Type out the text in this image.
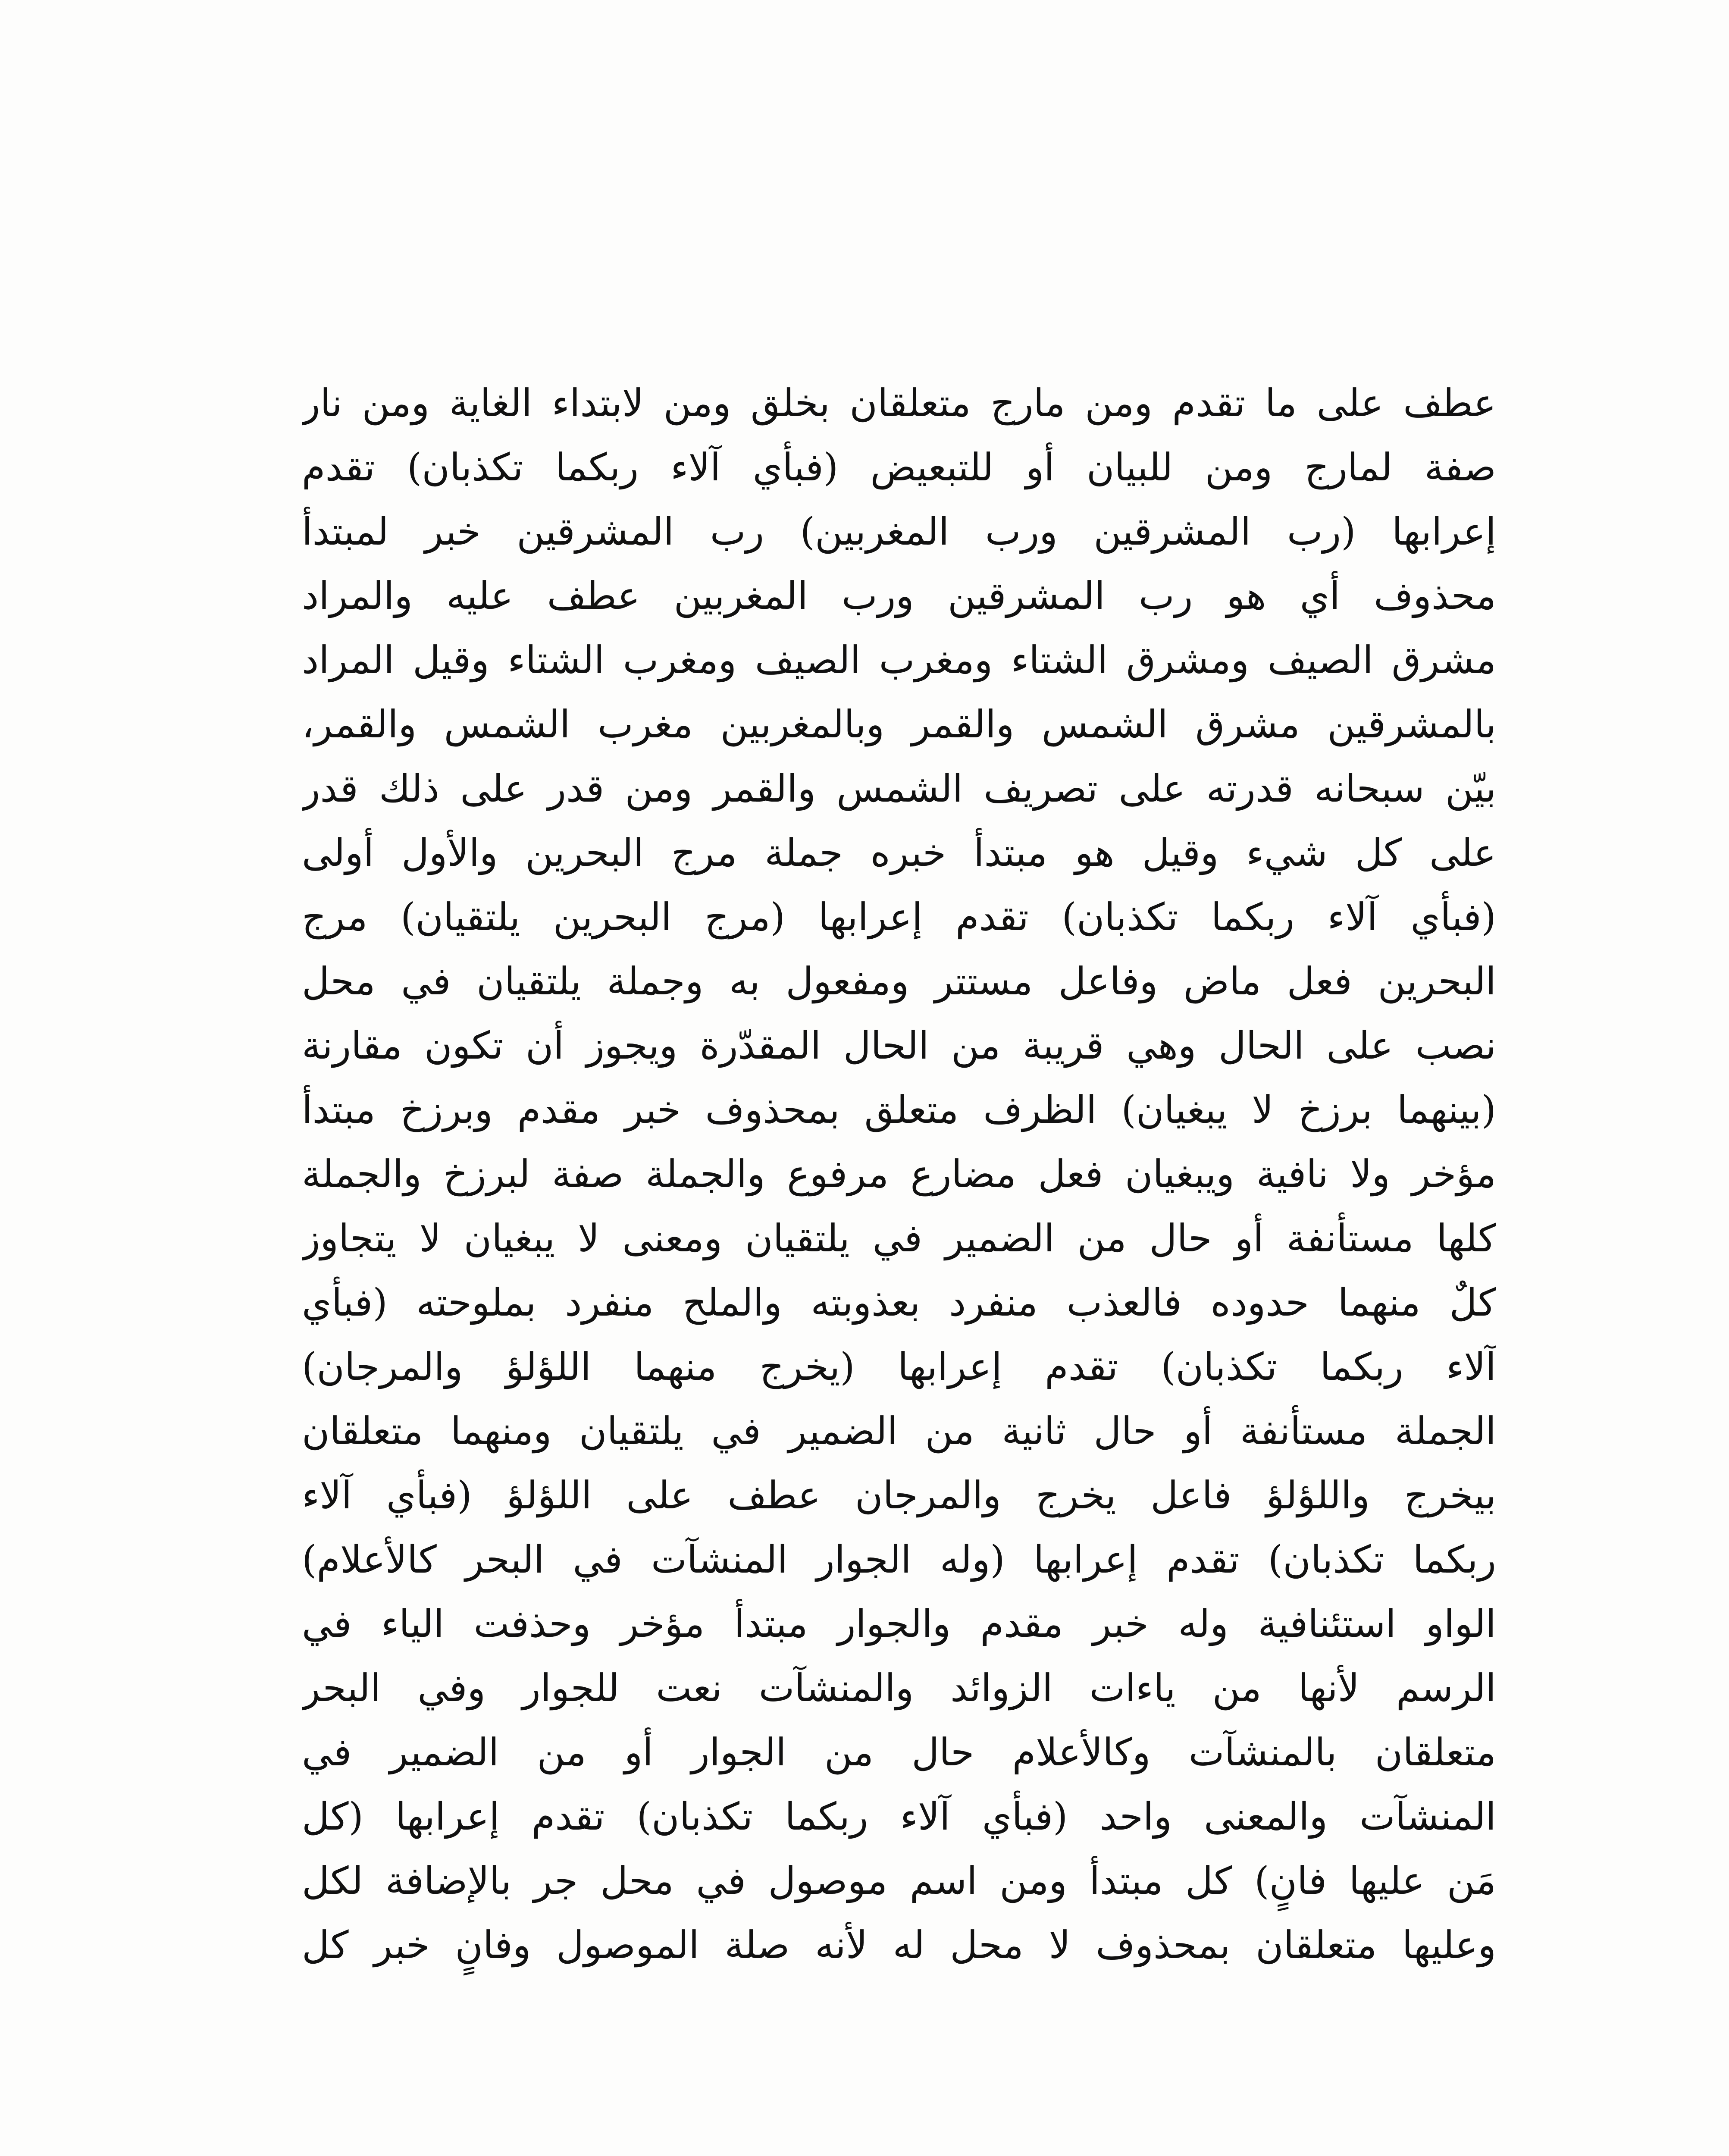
عطف على ما تقدم ومن مارج متعلقان بخلق ومن لابتداء الغاية ومن نار
صفة لمارج ومن للبيان أو للتبعيض (فبأي آلاء ربكما تكذبان) تقدم
إعرابها (رب المشرقين ورب المغربين) رب المشرقين خبر لمبتدأ
محذوف أي هو رب المشرقين ورب المغربين عطف عليه والمراد
مشرق الصيف ومشرق الشتاء ومغرب الصيف ومغرب الشتاء وقيل المراد
بالمشرقين مشرق الشمس والقمر وبالمغربين مغرب الشمس والقمر،
بيّن سبحانه قدرته على تصريف الشمس والقمر ومن قدر على ذلك قدر
على كل شيء وقيل هو مبتدأ خبره جملة مرج البحرين والأول أولى
(فبأي آلاء ربكما تكذبان) تقدم إعرابها (مرج البحرين يلتقيان) مرج
البحرين فعل ماض وفاعل مستتر ومفعول به وجملة يلتقيان في محل
نصب على الحال وهي قريبة من الحال المقدّرة ويجوز أن تكون مقارنة
(بينهما برزخ لا يبغيان) الظرف متعلق بمحذوف خبر مقدم وبرزخ مبتدأ
مؤخر ولا نافية ويبغيان فعل مضارع مرفوع والجملة صفة لبرزخ والجملة
كلها مستأنفة أو حال من الضمير في يلتقيان ومعنى لا يبغيان لا يتجاوز
كلٌ منهما حدوده فالعذب منفرد بعذوبته والملح منفرد بملوحته (فبأي
آلاء ربكما تكذبان) تقدم إعرابها (يخرج منهما اللؤلؤ والمرجان)
الجملة مستأنفة أو حال ثانية من الضمير في يلتقيان ومنهما متعلقان
بيخرج واللؤلؤ فاعل يخرج والمرجان عطف على اللؤلؤ (فبأي آلاء
ربكما تكذبان) تقدم إعرابها (وله الجوار المنشآت في البحر كالأعلام)
الواو استئنافية وله خبر مقدم والجوار مبتدأ مؤخر وحذفت الياء في
الرسم لأنها من ياءات الزوائد والمنشآت نعت للجوار وفي البحر
متعلقان بالمنشآت وكالأعلام حال من الجوار أو من الضمير في
المنشآت والمعنى واحد (فبأي آلاء ربكما تكذبان) تقدم إعرابها (كل
مَن عليها فانٍ) كل مبتدأ ومن اسم موصول في محل جر بالإضافة لكل
وعليها متعلقان بمحذوف لا محل له لأنه صلة الموصول وفانٍ خبر كل
